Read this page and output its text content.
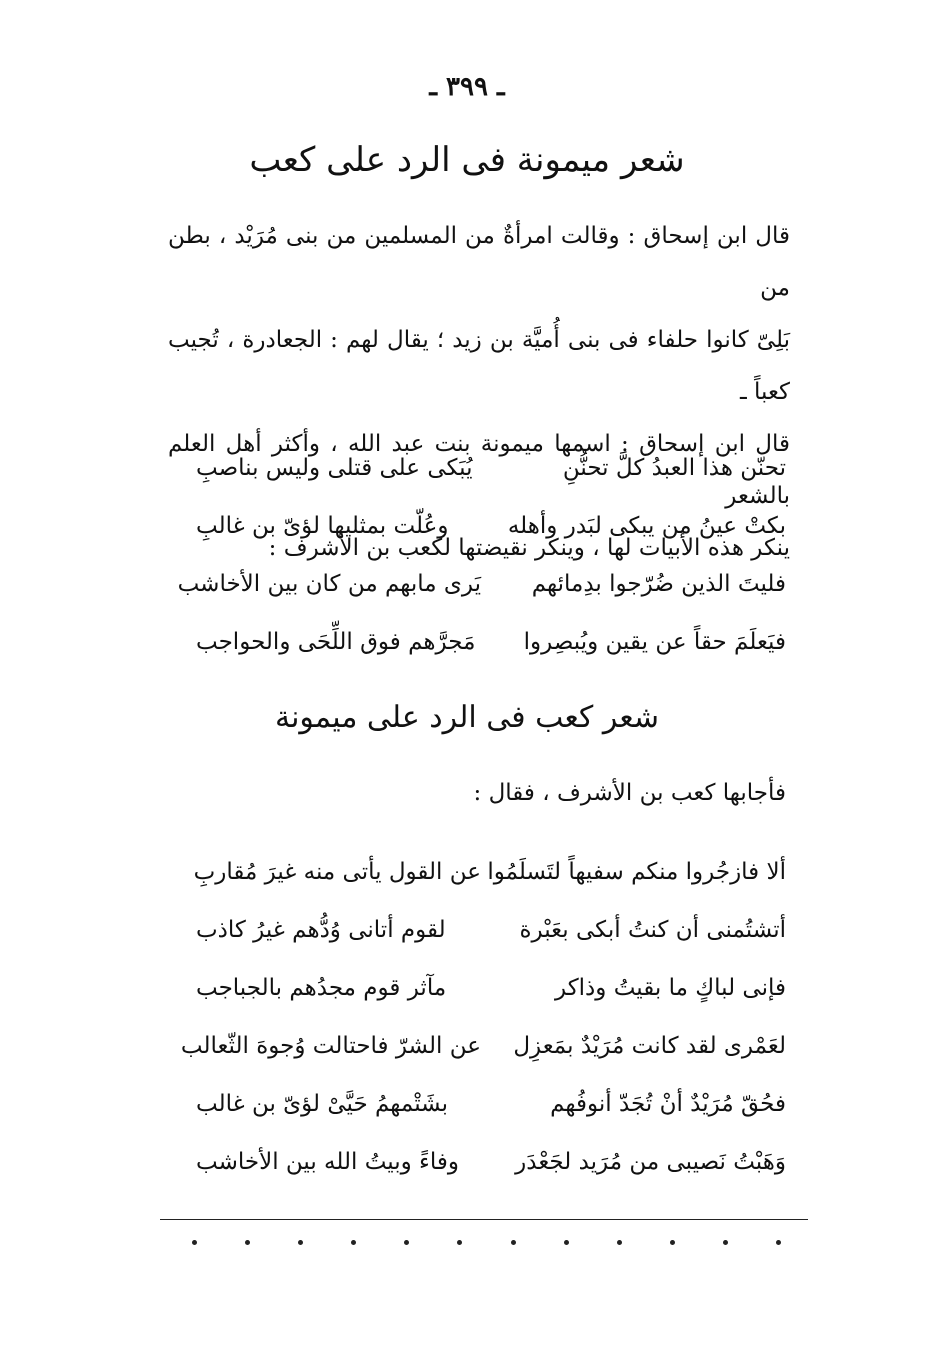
ـ ٣٩٩ ـ
شعر ميمونة فى الرد على كعب

قال ابن إسحاق : وقالت امرأةٌ من المسلمين من بنى مُرَيْد ، بطن من

بَلِىّ كانوا حلفاء فى بنى أُميَّة بن زيد ؛ يقال لهم : الجعادرة ، تُجيب كعباً ـ

قال ابن إسحاق : اسمها ميمونة بنت عبد الله ، وأكثر أهل العلم بالشعر

ينكر هذه الأبيات لها ، وينكر نقيضتها لكعب بن الأشرف :

تحنّن هذا العبدُ كلَّ تحنُّنِ
يُبَكى على قتلى وليس بناصبِ
بكتْ عينُ من يبكى لبَدر وأهله
وعُلّت بمثليها لؤىّ بن غالبِ
فليتَ الذين ضُرّجوا بدِمائهم
يَرى مابهم من كان بين الأخاشب
فيَعلَمَ حقاً عن يقين ويُبصِروا
مَجرَّهم فوق اللِّحَى والحواجب
شعر كعب فى الرد على ميمونة
فأجابها كعب بن الأشرف ، فقال :
ألا فازجُروا منكم سفيهاً لتَسلَمُوا
عن القول يأتى منه غيرَ مُقاربِ
أتشتُمنى أن كنتُ أبكى بعَبْرة
لقوم أتانى وُدُّهم غيرُ كاذب
فإنى لباكٍ ما بقيتُ وذاكر
مآثر قوم مجدُهم بالجباجب
لعَمْرى لقد كانت مُرَيْدٌ بمَعزِل
عن الشرّ فاحتالت وُجوهَ الثّعالب
فحُقّ مُرَيْدٌ أنْ تُجَدّ أنوفُهم
بشَتْمهمُ حَيَّىْ لؤىّ بن غالب
وَهَبْتُ نَصيبى من مُرَيد لجَعْدَر
وفاءً وبيتُ الله بين الأخاشب
